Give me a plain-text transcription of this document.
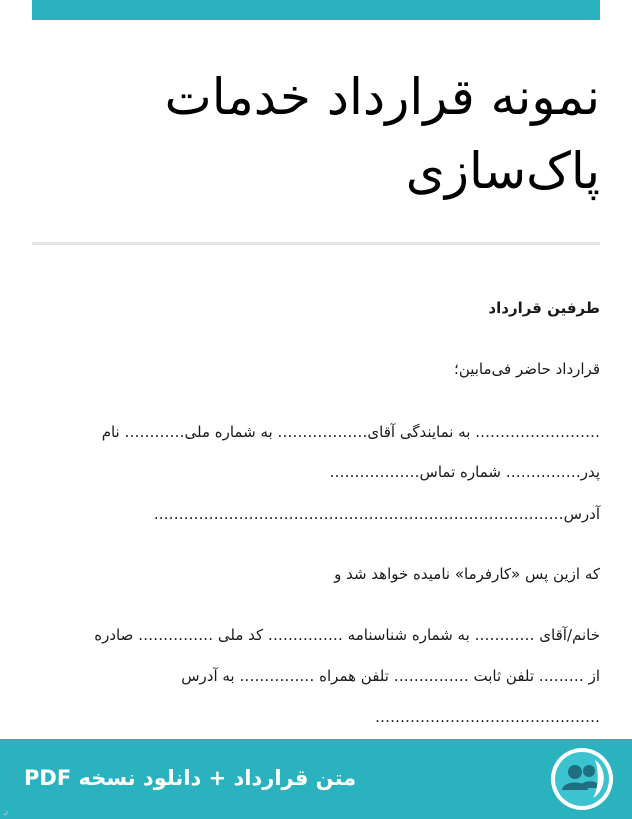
نمونه قرارداد خدمات
پاک‌سازی
طرفین قرارداد
قرارداد حاضر فی‌مابین؛
……………………. به نمایندگی آقای……………… به شماره ملی………… نام
پدر…………… شماره تماس………………
آدرس……………………………………………………………………….
که ازین پس «کارفرما» نامیده خواهد شد و
خانم/آقای ………… به شماره شناسنامه …………… کد ملی …………… صادره
از ……… تلفن ثابت …………… تلفن همراه …………… به آدرس
………………………………………
متن قرارداد + دانلود نسخه PDF
ر
